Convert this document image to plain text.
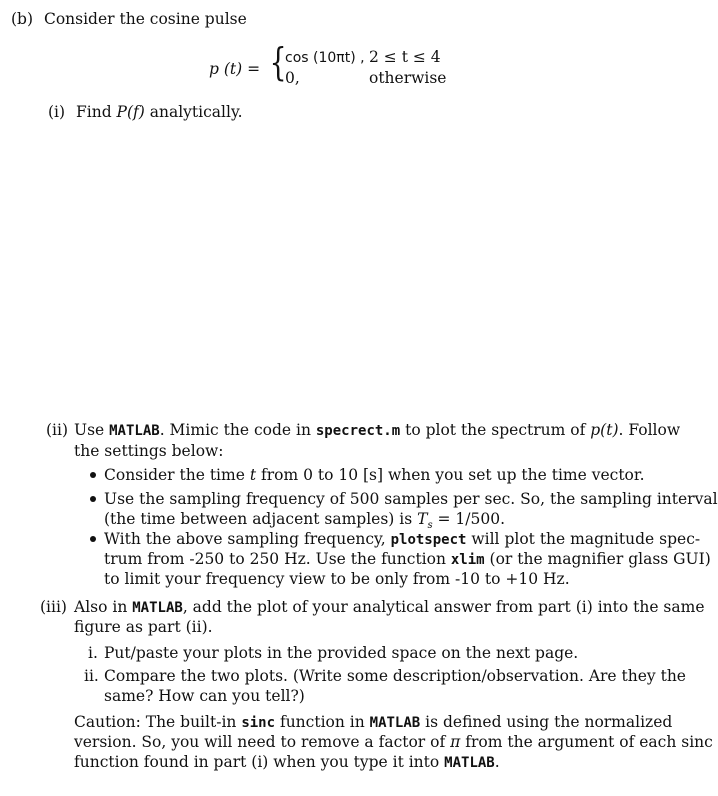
(b) Consider the cosine pulse
p (t) = {
cos (10πt) , 2 ≤ t ≤ 4
0,	otherwise
(i) Find P(f) analytically.
(ii) Use MATLAB. Mimic the code in specrect.m to plot the spectrum of p(t). Follow
the settings below:
Consider the time t from 0 to 10 [s] when you set up the time vector.
Use the sampling frequency of 500 samples per sec. So, the sampling interval
(the time between adjacent samples) is $T_s = 1/500$.
With the above sampling frequency, plotspect will plot the magnitude spec-
trum from -250 to 250 Hz. Use the function xlim (or the magnifier glass GUI)
to limit your frequency view to be only from -10 to +10 Hz.
(iii) Also in MATLAB, add the plot of your analytical answer from part (i) into the same
figure as part (ii).
i. Put/paste your plots in the provided space on the next page.
ii. Compare the two plots. (Write some description/observation. Are they the
same? How can you tell?)
Caution: The built-in sinc function in MATLAB is defined using the normalized
version. So, you will need to remove a factor of π from the argument of each sinc
function found in part (i) when you type it into MATLAB.
